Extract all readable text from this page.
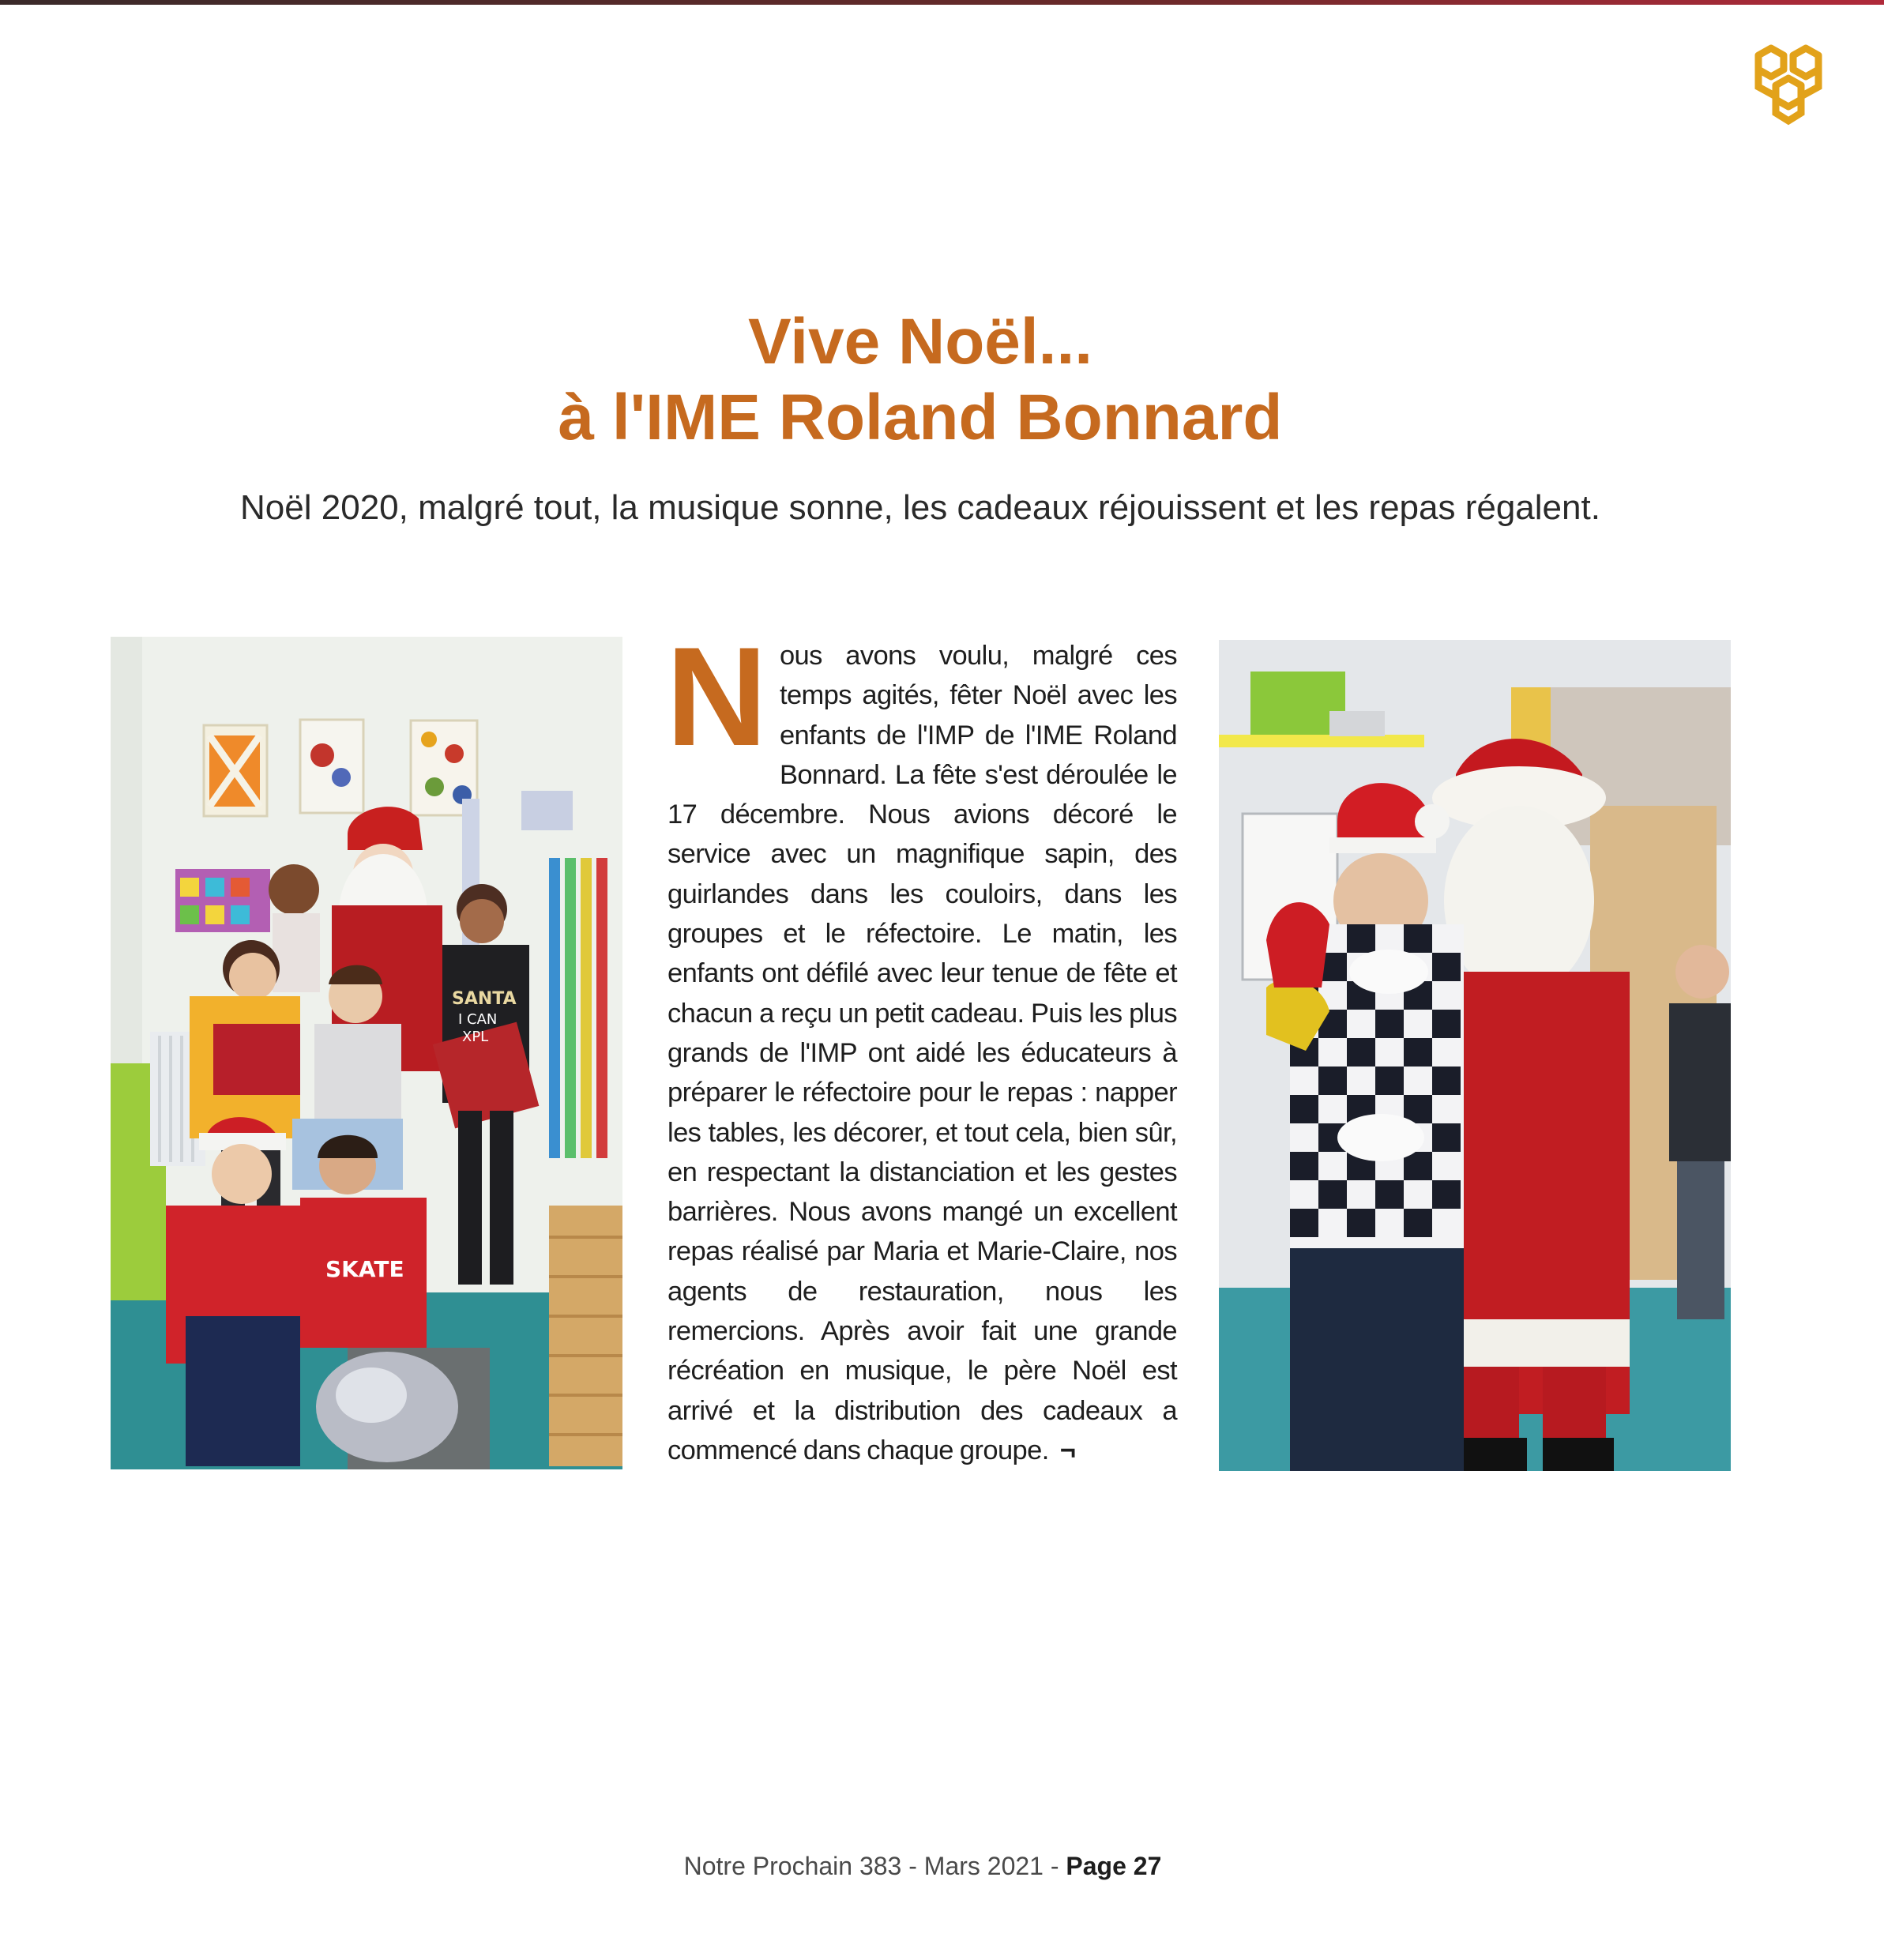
Vive Noël...
à l'IME Roland Bonnard

Noël 2020, malgré tout, la musique sonne, les cadeaux réjouissent et les repas régalent.

SANTA
I CAN
XPL
SKATE
Nous avons voulu, malgré ces temps agités, fêter Noël avec les enfants de l'IMP de l'IME Roland Bonnard. La fête s'est déroulée le 17 décembre. Nous avions décoré le service avec un magnifique sapin, des guirlandes dans les couloirs, dans les groupes et le réfectoire. Le matin, les enfants ont défilé avec leur tenue de fête et chacun a reçu un petit cadeau. Puis les plus grands de l'IMP ont aidé les éducateurs à préparer le réfectoire pour le repas : napper les tables, les décorer, et tout cela, bien sûr, en respectant la distanciation et les gestes barrières. Nous avons mangé un excellent repas réalisé par Maria et Marie-Claire, nos agents de restauration, nous les remercions. Après avoir fait une grande récréation en musique, le père Noël est arrivé et la distribution des cadeaux a commencé dans chaque groupe. ¬
Notre Prochain 383 - Mars 2021 - Page 27
